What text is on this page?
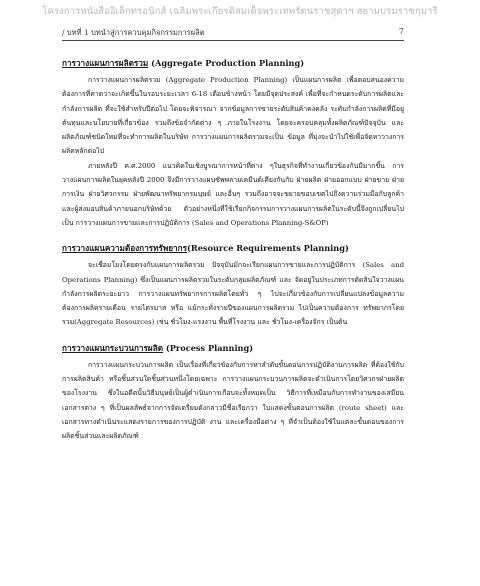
โครงการหนังสืออิเล็กทรอนิกส์ เฉลิมพระเกียรติสมเด็จพระเทพรัตนราชสุดาฯ สยามบรมราชกุมารี
/ บทที่ 1 บทนำสู่การควบคุมกิจกรรมการผลิต	7
การวางแผนการผลิตรวม (Aggregate Production Planning)

การวางแผนการผลิตรวม (Aggregate Production Planning) เป็นแผนการผลิต เพื่อตอบสนองความต้องการที่คาดว่าจะเกิดขึ้นในรอบระยะเวลา 6-18 เดือนข้างหน้า โดยมีจุดประสงค์ เพื่อที่จะกำหนดระดับการผลิตและกำลังการผลิต ที่จะใช้สำหรับปีต่อไป โดยจะพิจารณา จากข้อมูลการขายระดับสินค้าคงคลัง ระดับกำลังการผลิตที่มีอยู่ ต้นทุนและนโยบายที่เกี่ยวข้อง รวมถึงข้อจำกัดต่าง ๆ ภายในโรงงาน โดยจะครอบคลุมทั้งผลิตภัณฑ์ปัจจุบัน และ ผลิตภัณฑ์ชนิดใหม่ที่จะทำการผลิตในบริษัท การวางแผนการผลิตรวมจะเป็น ข้อมูล ที่มุ่งจะนำไปใช้เพื่อจัดหาวางการผลิตหลักต่อไป

ภายหลังปี ค.ศ.2000 แนวคิดในเชิงบูรณาการหน้าที่ต่าง ๆในธุรกิจที่ทำงานเกี่ยวข้องกันมีมากขึ้น การวางแผนการผลิตในยุคหลังปี 2000 จึงมีการวางแผนซัพพลายเคมีนต์เคียงกันกับ ฝ่ายผลิต ฝ่ายออกแบบ ฝ่ายขาย ฝ่ายการเงิน ฝ่ายวิศวกรรม ฝ่ายพัฒนาทรัพยากรมนุษย์ และอื่นๆ รวมถึงอาจจะขยายขอบเขตไปถึงความร่วมมือกับลูกค้าและผู้ส่งมอบสินค้าภายนอกบริษัทด้วย ตัวอย่างหนึ่งที่ใช้เรียกกิจกรรมการวางแผนการผลิตในระดับนี้จึงถูกเปลี่ยนไปเป็น การวางแผนการขายและการปฏิบัติการ (Sales and Operations Planning-S&OP)

การวางแผนความต้องการทรัพยากร(Resource Requirements Planning)

จะเชื่อมโยงโดยตรงกับแผนการผลิตรวม ปัจจุบันมักจะเรียกแผนการขายและการปฏิบัติการ (Sales and Operations Planning) ซึ่งเป็นแผนการผลิตรวมในระดับกลุ่มผลิตภัณฑ์ และ จัดอยู่ในประเภทการตัดสินใจวางแผนกำลังการผลิตระยะยาว การวางแผนทรัพยากรการผลิตโดยทั่ว ๆ ไปจะเกี่ยวข้องกับการเปลี่ยนแปลงข้อมูลความต้องการผลิตรายเดือน รายไตรมาส หรือ แม้กระทั่งรายปีของแผนการผลิตรวม ไปเป็นความต้องการ ทรัพยากรโดยรวม(Aggregate Resources) เช่น ชั่วโมง-แรงงาน พื้นที่โรงงาน และ ชั่วโมง-เครื่องจักร เป็นต้น

การวางแผนกระบวนการผลิต (Process Planning)

การวางแผนกระบวนการผลิต เป็นเรื่องที่เกี่ยวข้องกับการหาลำดับขั้นตอนการปฏิบัติงานการผลิต ที่ต้องใช้กับการผลิตสินค้า หรือชิ้นส่วนใดชิ้นส่วนหนึ่งโดยเฉพาะ การวางแผนกระบวนการผลิตจะดำเนินการโดยวิศวกรฝ่ายผลิตของโรงงาน ซึ่งในอดีตนั้นวิธีมนุษย์เป็นผู้ดำเนินการเกือบจะทั้งหมดเป็น วิธีการที่เหมือนกับการทำงานของเสมียน เอกสารต่าง ๆ ที่เป็นผลลัพธ์จากการจัดเตรียมดังกล่าวมีชื่อเรียกว่า ใบแสดงขั้นตอนการผลิต (route sheet) และเอกสารทางดำเนินระแสดงรายการของการปฏิบัติ งาน และเครื่องมือต่าง ๆ ที่จำเป็นต้องใช้ในแต่ละขั้นตอนของการผลิตชิ้นส่วนและผลิตภัณฑ์
